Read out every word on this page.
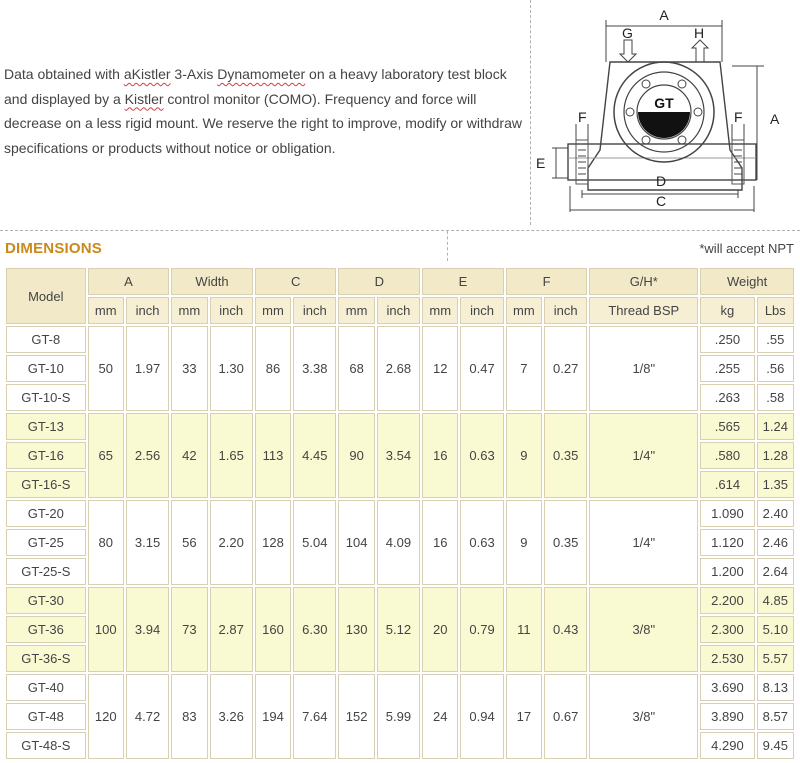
Data obtained with aKistler 3-Axis Dynamometer on a heavy laboratory test block and displayed by a Kistler control monitor (COMO). Frequency and force will decrease on a less rigid mount. We reserve the right to improve, modify or withdraw specifications or products without notice or obligation.

GT
A
A
G	H
F	F
E
D
C
DIMENSIONS	*will accept NPT
Model	A		Width		C		D		E		F		G/H*	Weight	
	mm	inch	mm	inch	mm	inch	mm	inch	mm	inch	mm	inch	Thread BSP	kg	Lbs
GT-8	50	1.97	33	1.30	86	3.38	68	2.68	12	0.47	7	0.27	1/8"	.250	.55
GT-10														.255	.56
GT-10-S														.263	.58
GT-13	65	2.56	42	1.65	113	4.45	90	3.54	16	0.63	9	0.35	1/4"	.565	1.24
GT-16														.580	1.28
GT-16-S														.614	1.35
GT-20	80	3.15	56	2.20	128	5.04	104	4.09	16	0.63	9	0.35	1/4"	1.090	2.40
GT-25														1.120	2.46
GT-25-S														1.200	2.64
GT-30	100	3.94	73	2.87	160	6.30	130	5.12	20	0.79	11	0.43	3/8"	2.200	4.85
GT-36														2.300	5.10
GT-36-S														2.530	5.57
GT-40	120	4.72	83	3.26	194	7.64	152	5.99	24	0.94	17	0.67	3/8"	3.690	8.13
GT-48														3.890	8.57
GT-48-S														4.290	9.45
